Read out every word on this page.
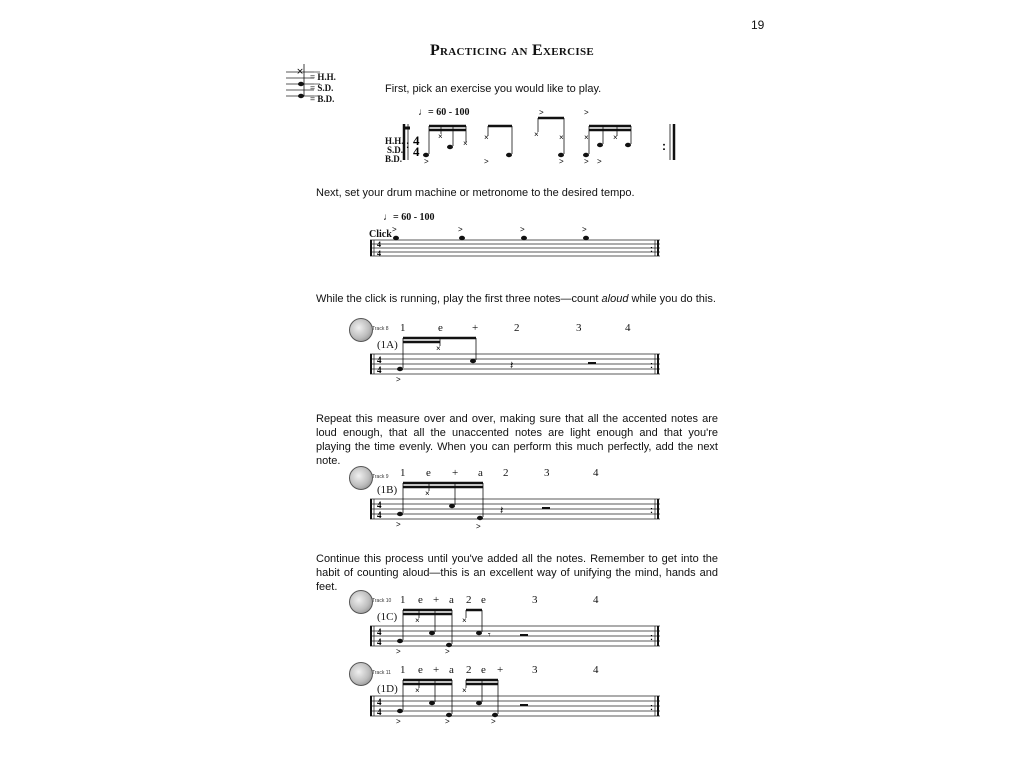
19
Practicing an Exercise
× = H.H.
= S.D.
= B.D.
First, pick an exercise you would like to play.
♩= 60 - 100
H.H.
S.D.
B.D.
4
4
:
×
×
>
×
>
×	×
>
×	×
> >
>	>
:
Next, set your drum machine or metronome to the desired tempo.
♩= 60 - 100
Click
4
4
>	>	>	>
:
While the click is running, play the first three notes—count aloud while you do this.
Track 8 1	e	+	2	3	4
(1A)
4
4
×
>
𝄽	:
Repeat this measure over and over, making sure that all the accented notes are loud enough, that all the unaccented notes are light enough and that you're playing the time evenly. When you can perform this much perfectly, add the next note.
Track 9 1 e + a 2	3	4
(1B)
4
4
×
>	>
𝄽	:
Continue this process until you've added all the notes. Remember to get into the habit of counting aloud—this is an excellent way of unifying the mind, hands and feet.
Track 10 1 e + a 2 e	3	4
(1C)
4
4
×	×
𝄾
>	>
:
Track 11 1 e + a 2 e +	3	4
(1D)
4
4
×	×
>	>	>
:
